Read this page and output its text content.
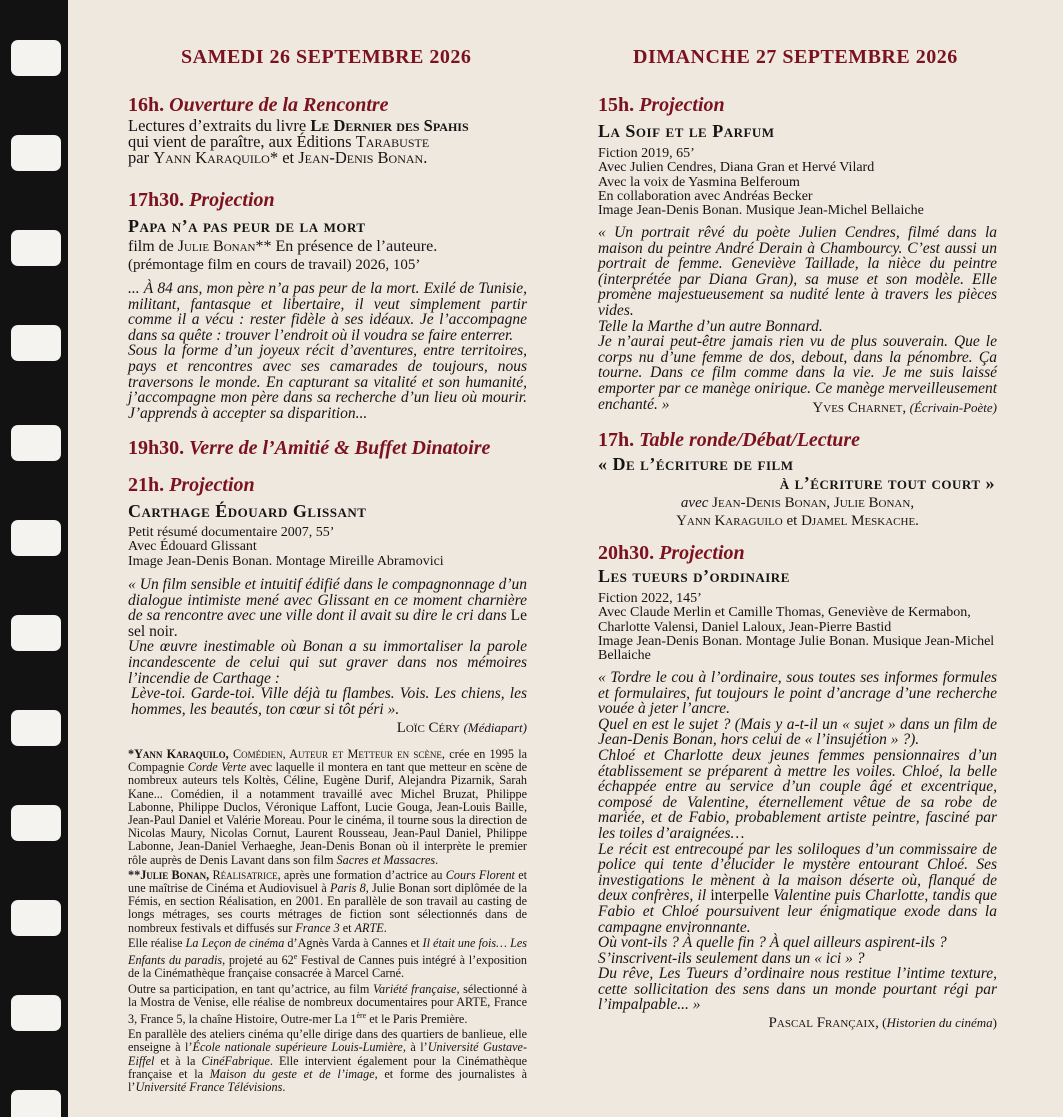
SAMEDI 26 SEPTEMBRE 2026
16h. Ouverture de la Rencontre
Lectures d’extraits du livre Le Dernier des Spahis
qui vient de paraître, aux Éditions Tarabuste
par Yann Karaquilo* et Jean-Denis Bonan.
17h30. Projection
Papa n’a pas peur de la mort
film de Julie Bonan** En présence de l’auteure.
(prémontage film en cours de travail) 2026, 105’

... À 84 ans, mon père n’a pas peur de la mort. Exilé de Tunisie, militant, fantasque et libertaire, il veut simplement partir comme il a vécu : rester fidèle à ses idéaux. Je l’accompagne dans sa quête : trouver l’endroit où il voudra se faire enterrer.

Sous la forme d’un joyeux récit d’aventures, entre territoires, pays et rencontres avec ses camarades de toujours, nous traversons le monde. En capturant sa vitalité et son humanité, j’accompagne mon père dans sa recherche d’un lieu où mourir. J’apprends à accepter sa disparition...

19h30. Verre de l’Amitié & Buffet Dinatoire
21h. Projection
Carthage Édouard Glissant
Petit résumé documentaire 2007, 55’
Avec Édouard Glissant
Image Jean-Denis Bonan. Montage Mireille Abramovici

« Un film sensible et intuitif édifié dans le compagnonnage d’un dialogue intimiste mené avec Glissant en ce moment charnière de sa rencontre avec une ville dont il avait su dire le cri dans Le sel noir.

Une œuvre inestimable où Bonan a su immortaliser la parole incandescente de celui qui sut graver dans nos mémoires l’incendie de Carthage :

Lève-toi. Garde-toi. Ville déjà tu flambes. Vois. Les chiens, les hommes, les beautés, ton cœur si tôt péri ».

Loïc Céry (Médiapart)

*Yann Karaquilo, Comédien, Auteur et Metteur en scène, crée en 1995 la Compagnie Corde Verte avec laquelle il montera en tant que metteur en scène de nombreux auteurs tels Koltès, Céline, Eugène Durif, Alejandra Pizarnik, Sarah Kane... Comédien, il a notamment travaillé avec Michel Bruzat, Philippe Labonne, Philippe Duclos, Véronique Laffont, Lucie Gouga, Jean-Louis Baille, Jean-Paul Daniel et Valérie Moreau. Pour le cinéma, il tourne sous la direction de Nicolas Maury, Nicolas Cornut, Laurent Rousseau, Jean-Paul Daniel, Philippe Labonne, Jean-Daniel Verhaeghe, Jean-Denis Bonan où il interprète le premier rôle auprès de Denis Lavant dans son film Sacres et Massacres.

**Julie Bonan, Réalisatrice, après une formation d’actrice au Cours Florent et une maîtrise de Cinéma et Audiovisuel à Paris 8, Julie Bonan sort diplômée de la Fémis, en section Réalisation, en 2001. En parallèle de son travail au casting de longs métrages, ses courts métrages de fiction sont sélectionnés dans de nombreux festivals et diffusés sur France 3 et ARTE.

Elle réalise La Leçon de cinéma d’Agnès Varda à Cannes et Il était une fois… Les Enfants du paradis, projeté au 62e Festival de Cannes puis intégré à l’exposition de la Cinémathèque française consacrée à Marcel Carné.

Outre sa participation, en tant qu’actrice, au film Variété française, sélectionné à la Mostra de Venise, elle réalise de nombreux documentaires pour ARTE, France 3, France 5, la chaîne Histoire, Outre-mer La 1ère et le Paris Première.

En parallèle des ateliers cinéma qu’elle dirige dans des quartiers de banlieue, elle enseigne à l’École nationale supérieure Louis-Lumière, à l’Université Gustave-Eiffel et à la CinéFabrique. Elle intervient également pour la Cinémathèque française et la Maison du geste et de l’image, et forme des journalistes à l’Université France Télévisions.

DIMANCHE 27 SEPTEMBRE 2026
15h. Projection
La Soif et le Parfum
Fiction 2019, 65’
Avec Julien Cendres, Diana Gran et Hervé Vilard
Avec la voix de Yasmina Belferoum
En collaboration avec Andréas Becker
Image Jean-Denis Bonan. Musique Jean-Michel Bellaiche

« Un portrait rêvé du poète Julien Cendres, filmé dans la maison du peintre André Derain à Chambourcy. C’est aussi un portrait de femme. Geneviève Taillade, la nièce du peintre (interprétée par Diana Gran), sa muse et son modèle. Elle promène majestueusement sa nudité lente à travers les pièces vides.

Telle la Marthe d’un autre Bonnard.

Je n’aurai peut-être jamais rien vu de plus souverain. Que le corps nu d’une femme de dos, debout, dans la pénombre. Ça tourne. Dans ce film comme dans la vie. Je me suis laissé emporter par ce manège onirique. Ce manège merveilleusement enchanté. »	Yves Charnet, (Écrivain-Poète)
17h. Table ronde/Débat/Lecture
« De l’écriture de film
à l’écriture tout court »
avec Jean-Denis Bonan, Julie Bonan,
Yann Karaguilo et Djamel Meskache.
20h30. Projection
Les tueurs d’ordinaire
Fiction 2022, 145’
Avec Claude Merlin et Camille Thomas, Geneviève de Kermabon, Charlotte Valensi, Daniel Laloux, Jean-Pierre Bastid
Image Jean-Denis Bonan. Montage Julie Bonan. Musique Jean-Michel Bellaiche

« Tordre le cou à l’ordinaire, sous toutes ses informes formules et formulaires, fut toujours le point d’ancrage d’une recherche vouée à jeter l’ancre.

Quel en est le sujet ? (Mais y a-t-il un « sujet » dans un film de Jean-Denis Bonan, hors celui de « l’insujétion » ?).

Chloé et Charlotte deux jeunes femmes pensionnaires d’un établissement se préparent à mettre les voiles. Chloé, la belle échappée entre au service d’un couple âgé et excentrique, composé de Valentine, éternellement vêtue de sa robe de mariée, et de Fabio, probablement artiste peintre, fasciné par les toiles d’araignées…

Le récit est entrecoupé par les soliloques d’un commissaire de police qui tente d’élucider le mystère entourant Chloé. Ses investigations le mènent à la maison déserte où, flanqué de deux confrères, il interpelle Valentine puis Charlotte, tandis que Fabio et Chloé poursuivent leur énigmatique exode dans la campagne environnante.

Où vont-ils ? À quelle fin ? À quel ailleurs aspirent-ils ?

S’inscrivent-ils seulement dans un « ici » ?

Du rêve, Les Tueurs d’ordinaire nous restitue l’intime texture, cette sollicitation des sens dans un monde pourtant régi par l’impalpable... »

Pascal Françaix, (Historien du cinéma)
